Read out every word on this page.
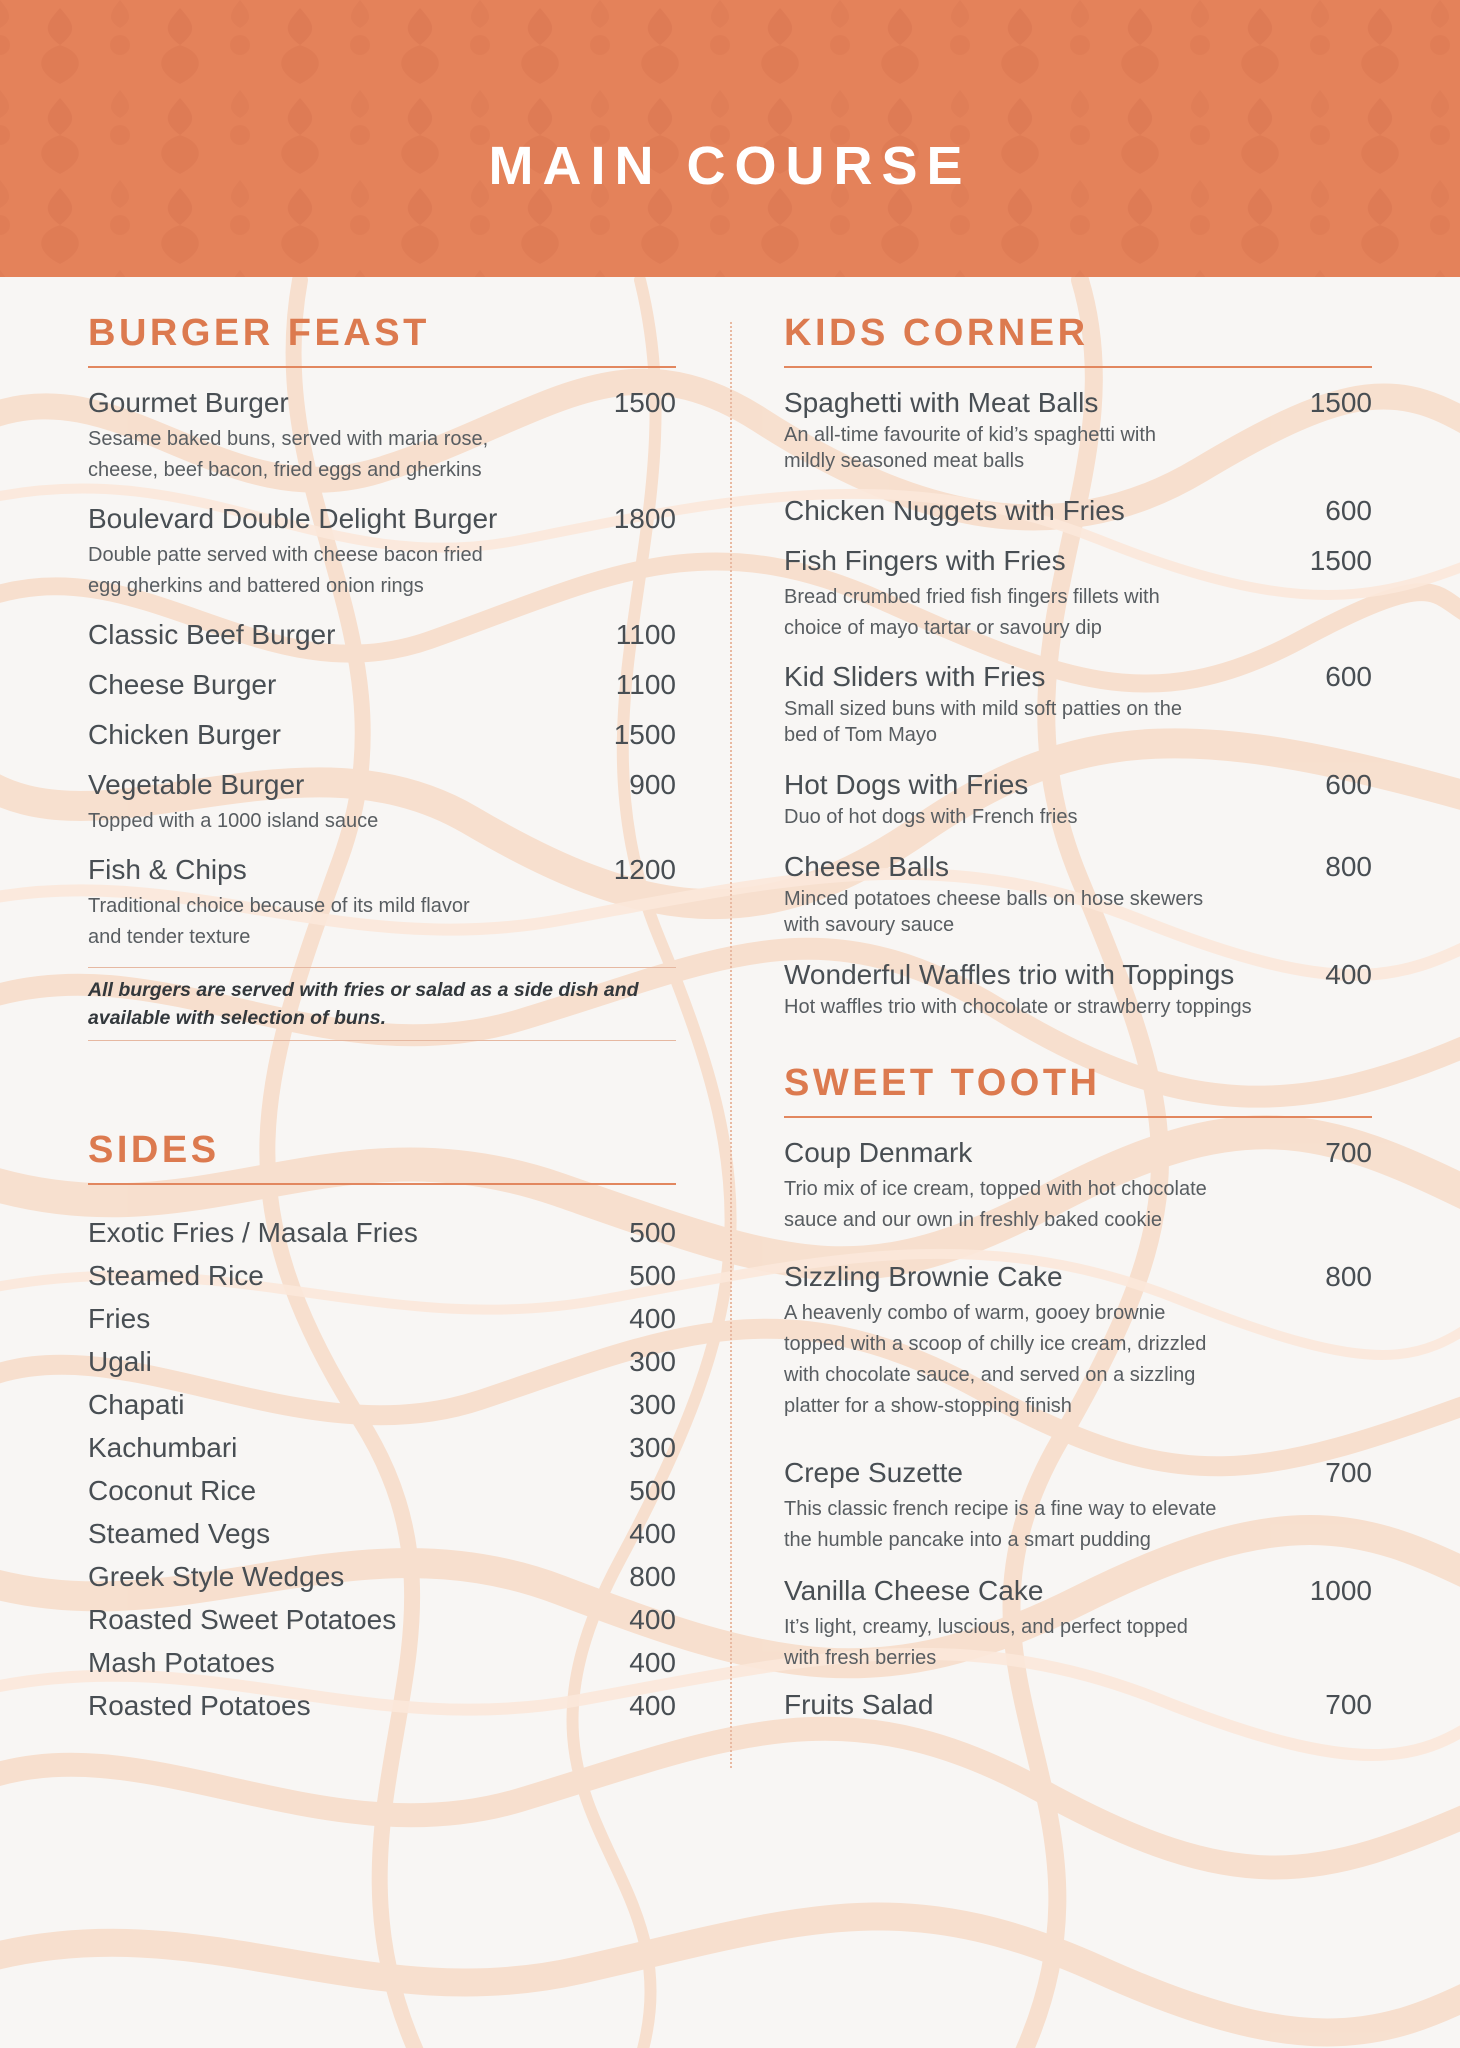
MAIN COURSE
BURGER FEAST
Gourmet Burger	1500
Sesame baked buns, served with maria rose,
cheese, beef bacon, fried eggs and gherkins
Boulevard Double Delight Burger	1800
Double patte served with cheese bacon fried
egg gherkins and battered onion rings
Classic Beef Burger	1100
Cheese Burger	1100
Chicken Burger	1500
Vegetable Burger	900
Topped with a 1000 island sauce
Fish & Chips	1200
Traditional choice because of its mild flavor
and tender texture
All burgers are served with fries or salad as a side dish and available with selection of buns.
SIDES
Exotic Fries / Masala Fries	500
Steamed Rice	500
Fries	400
Ugali	300
Chapati	300
Kachumbari	300
Coconut Rice	500
Steamed Vegs	400
Greek Style Wedges	800
Roasted Sweet Potatoes	400
Mash Potatoes	400
Roasted Potatoes	400
KIDS CORNER
Spaghetti with Meat Balls	1500
An all-time favourite of kid’s spaghetti with
mildly seasoned meat balls
Chicken Nuggets with Fries	600
Fish Fingers with Fries	1500
Bread crumbed fried fish fingers fillets with
choice of mayo tartar or savoury dip
Kid Sliders with Fries	600
Small sized buns with mild soft patties on the
bed of Tom Mayo
Hot Dogs with Fries	600
Duo of hot dogs with French fries
Cheese Balls	800
Minced potatoes cheese balls on hose skewers
with savoury sauce
Wonderful Waffles trio with Toppings	400
Hot waffles trio with chocolate or strawberry toppings
SWEET TOOTH
Coup Denmark	700
Trio mix of ice cream, topped with hot chocolate
sauce and our own in freshly baked cookie
Sizzling Brownie Cake	800
A heavenly combo of warm, gooey brownie
topped with a scoop of chilly ice cream, drizzled
with chocolate sauce, and served on a sizzling
platter for a show-stopping finish
Crepe Suzette	700
This classic french recipe is a fine way to elevate
the humble pancake into a smart pudding
Vanilla Cheese Cake	1000
It’s light, creamy, luscious, and perfect topped
with fresh berries
Fruits Salad	700
